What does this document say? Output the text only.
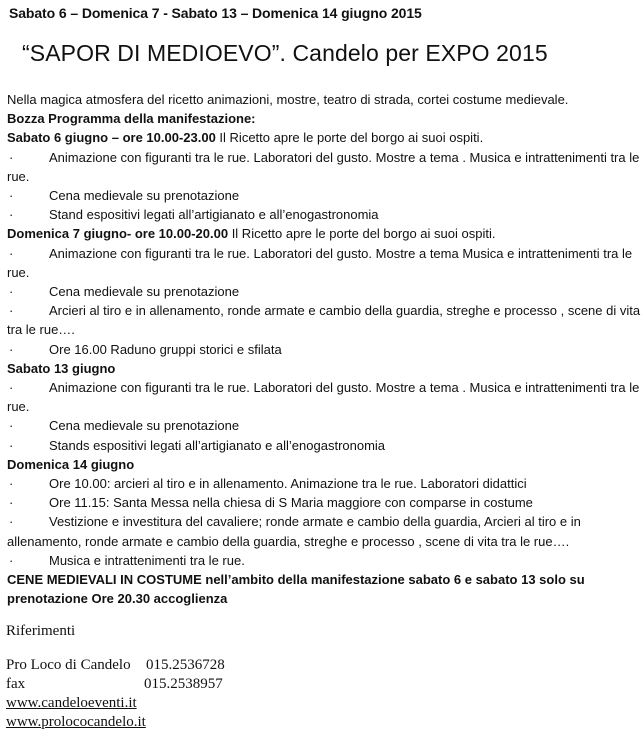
Sabato 6 – Domenica 7 - Sabato 13 – Domenica 14 giugno 2015
“SAPOR DI MEDIOEVO”. Candelo per EXPO 2015
Nella magica atmosfera del ricetto animazioni, mostre, teatro di strada, cortei costume medievale.
Bozza Programma della manifestazione:
Sabato 6 giugno – ore 10.00-23.00 Il Ricetto apre le porte del borgo ai suoi ospiti.
·	Animazione con figuranti tra le rue. Laboratori del gusto. Mostre a tema . Musica e intrattenimenti tra le
rue.
·	Cena medievale su prenotazione
·	Stand espositivi legati all’artigianato e all’enogastronomia
Domenica 7 giugno- ore 10.00-20.00 Il Ricetto apre le porte del borgo ai suoi ospiti.
·	Animazione con figuranti tra le rue. Laboratori del gusto. Mostre a tema Musica e intrattenimenti tra le
rue.
·	Cena medievale su prenotazione
·	Arcieri al tiro e in allenamento, ronde armate e cambio della guardia, streghe e processo , scene di vita
tra le rue….
·	Ore 16.00 Raduno gruppi storici e sfilata
Sabato 13 giugno
·	Animazione con figuranti tra le rue. Laboratori del gusto. Mostre a tema . Musica e intrattenimenti tra le
rue.
·	Cena medievale su prenotazione
·	Stands espositivi legati all’artigianato e all’enogastronomia
Domenica 14 giugno
·	Ore 10.00: arcieri al tiro e in allenamento. Animazione tra le rue. Laboratori didattici
·	Ore 11.15: Santa Messa nella chiesa di S Maria maggiore con comparse in costume
·	Vestizione e investitura del cavaliere; ronde armate e cambio della guardia, Arcieri al tiro e in
allenamento, ronde armate e cambio della guardia, streghe e processo , scene di vita tra le rue….
·	Musica e intrattenimenti tra le rue.
CENE MEDIEVALI IN COSTUME nell’ambito della manifestazione sabato 6 e sabato 13 solo su
prenotazione Ore 20.30 accoglienza
Riferimenti
Pro Loco di Candelo	015.2536728
fax	015.2538957
www.candeloeventi.it
www.prolococandelo.it
